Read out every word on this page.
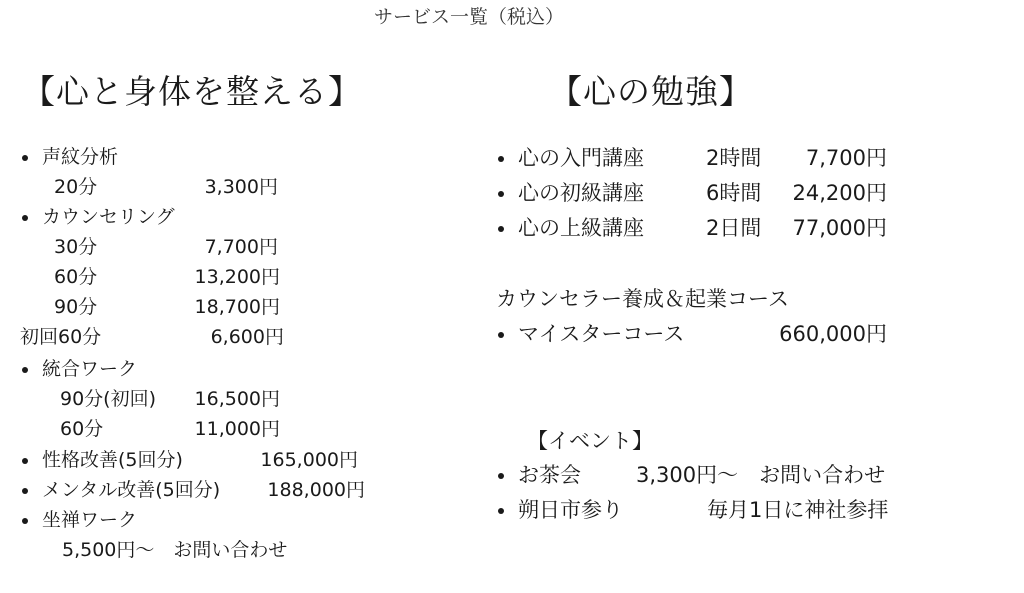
サービス一覧（税込）
【心と身体を整える】
声紋分析
20分	3,300円
カウンセリング
30分	7,700円
60分	13,200円
90分	18,700円
初回60分	6,600円
統合ワーク
90分(初回)	16,500円
60分	11,000円
性格改善(5回分)	165,000円
メンタル改善(5回分)	188,000円
坐禅ワーク
5,500円～　お問い合わせ
【心の勉強】
心の入門講座	2時間	7,700円
心の初級講座	6時間	24,200円
心の上級講座	2日間	77,000円
カウンセラー養成＆起業コース
マイスターコース	660,000円
【イベント】
お茶会	3,300円～　お問い合わせ
朔日市参り	毎月1日に神社参拝
